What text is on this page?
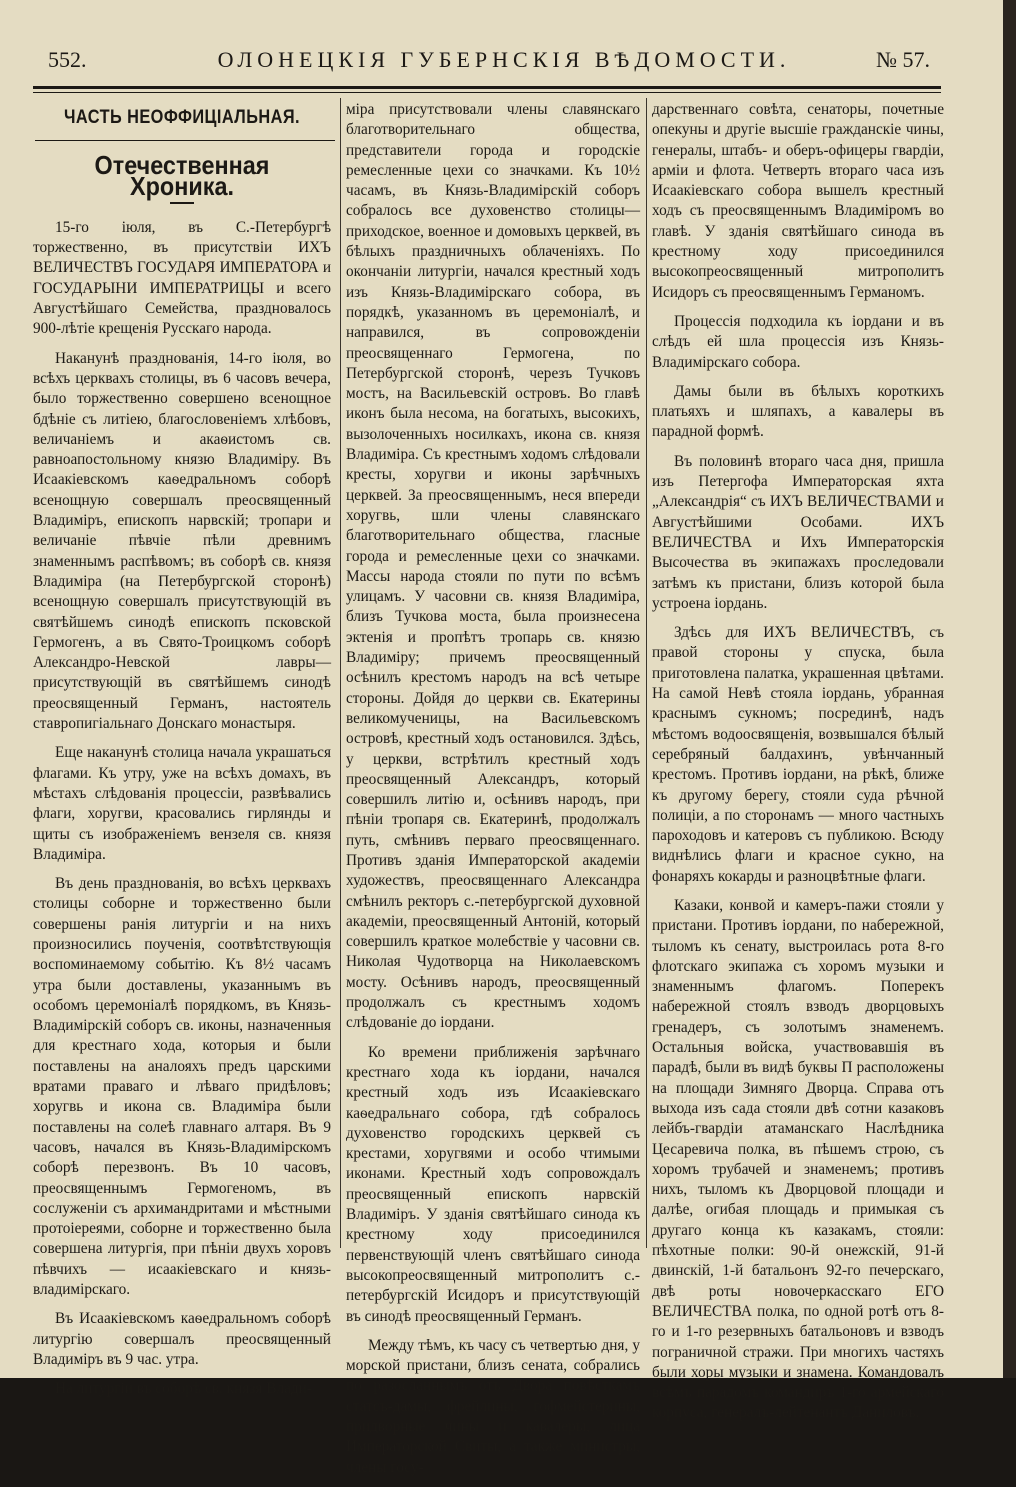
552.	ОЛОНЕЦКІЯ ГУБЕРНСКІЯ ВѢДОМОСТИ.	№ 57.
ЧАСТЬ НЕОФФИЦІАЛЬНАЯ.
Отечественная Хроника.

15-го іюля, въ С.-Петербургѣ торжественно, въ присутствіи ИХЪ ВЕЛИЧЕСТВЪ ГОСУДАРЯ ИМПЕРАТОРА и ГОСУДАРЫНИ ИМПЕРАТРИЦЫ и всего Августѣйшаго Семейства, праздновалось 900-лѣтіе крещенія Русскаго народа.

Наканунѣ празднованія, 14-го іюля, во всѣхъ церквахъ столицы, въ 6 часовъ вечера, было торжественно совершено всенощное бдѣніе съ литіею, благословеніемъ хлѣбовъ, величаніемъ и акаѳистомъ св. равноапостольному князю Владиміру. Въ Исаакіевскомъ каѳедральномъ соборѣ всенощную совершалъ преосвященный Владиміръ, епископъ нарвскій; тропари и величаніе пѣвчіе пѣли древнимъ знаменнымъ распѣвомъ; въ соборѣ св. князя Владиміра (на Петербургской сторонѣ) всенощную совершалъ присутствующій въ святѣйшемъ синодѣ епископъ псковской Гермогенъ, а въ Свято-Троицкомъ соборѣ Александро-Невской лавры—присутствующій въ святѣйшемъ синодѣ преосвященный Германъ, настоятель ставропигіальнаго Донскаго монастыря.

Еще наканунѣ столица начала украшаться флагами. Къ утру, уже на всѣхъ домахъ, въ мѣстахъ слѣдованія процессіи, развѣвались флаги, хоругви, красовались гирлянды и щиты съ изображеніемъ вензеля св. князя Владиміра.

Въ день празднованія, во всѣхъ церквахъ столицы соборне и торжественно были совершены ранія литургіи и на нихъ произносились поученія, соотвѣтствующія воспоминаемому событію. Къ 8½ часамъ утра были доставлены, указаннымъ въ особомъ церемоніалѣ порядкомъ, въ Князь-Владимірскій соборъ св. иконы, назначенныя для крестнаго хода, которыя и были поставлены на аналояхъ предъ царскими вратами праваго и лѣваго придѣловъ; хоругвь и икона св. Владиміра были поставлены на солеѣ главнаго алтаря. Въ 9 часовъ, начался въ Князь-Владимірскомъ соборѣ перезвонъ. Въ 10 часовъ, преосвященнымъ Гермогеномъ, въ сослуженіи съ архимандритами и мѣстными протоіереями, соборне и торжественно была совершена литургія, при пѣніи двухъ хоровъ пѣвчихъ — исаакіевскаго и князь-владимірскаго.

Въ Исаакіевскомъ каѳедральномъ соборѣ литургію совершалъ преосвященный Владиміръ въ 9 час. утра.

На литургіи въ соборѣ св. князя Влади-

міра присутствовали члены славянскаго благотворительнаго общества, представители города и городскіе ремесленные цехи со значками. Къ 10½ часамъ, въ Князь-Владимірскій соборъ собралось все духовенство столицы—приходское, военное и домовыхъ церквей, въ бѣлыхъ праздничныхъ облаченіяхъ. По окончаніи литургіи, начался крестный ходъ изъ Князь-Владимірскаго собора, въ порядкѣ, указанномъ въ церемоніалѣ, и направился, въ сопровожденіи преосвященнаго Гермогена, по Петербургской сторонѣ, черезъ Тучковъ мостъ, на Васильевскій островъ. Во главѣ иконъ была несома, на богатыхъ, высокихъ, вызолоченныхъ носилкахъ, икона св. князя Владиміра. Съ крестнымъ ходомъ слѣдовали кресты, хоругви и иконы зарѣчныхъ церквей. За преосвященнымъ, неся впереди хоругвь, шли члены славянскаго благотворительнаго общества, гласные города и ремесленные цехи со значками. Массы народа стояли по пути по всѣмъ улицамъ. У часовни св. князя Владиміра, близъ Тучкова моста, была произнесена эктенія и пропѣтъ тропарь св. князю Владиміру; причемъ преосвященный осѣнилъ крестомъ народъ на всѣ четыре стороны. Дойдя до церкви св. Екатерины великомученицы, на Васильевскомъ островѣ, крестный ходъ остановился. Здѣсь, у церкви, встрѣтилъ крестный ходъ преосвященный Александръ, который совершилъ литію и, осѣнивъ народъ, при пѣніи тропаря св. Екатеринѣ, продолжалъ путь, смѣнивъ перваго преосвященнаго. Противъ зданія Императорской академіи художествъ, преосвященнаго Александра смѣнилъ ректоръ с.-петербургской духовной академіи, преосвященный Антоній, который совершилъ краткое молебствіе у часовни св. Николая Чудотворца на Николаевскомъ мосту. Осѣнивъ народъ, преосвященный продолжалъ съ крестнымъ ходомъ слѣдованіе до іордани.

Ко времени приближенія зарѣчнаго крестнаго хода къ іордани, начался крестный ходъ изъ Исаакіевскаго каѳедральнаго собора, гдѣ собралось духовенство городскихъ церквей съ крестами, хоругвями и особо чтимыми иконами. Крестный ходъ сопровождалъ преосвященный епископъ нарвскій Владиміръ. У зданія святѣйшаго синода къ крестному ходу присоединился первенствующій членъ святѣйшаго синода высокопреосвященный митрополитъ с.-петербургскій Исидоръ и присутствующій въ синодѣ преосвященный Германъ.

Между тѣмъ, къ часу съ четвертью дня, у морской пристани, близъ сената, собрались по разосланнымъ отъ Двора повѣсткамъ статсъ-дамы, фрейлины, гофмейстерины, придворные чины и кавалеры, лица Императорской Свиты, а также министры, члены госу-

дарственнаго совѣта, сенаторы, почетные опекуны и другіе высшіе гражданскіе чины, генералы, штабъ- и оберъ-офицеры гвардіи, арміи и флота. Четверть втораго часа изъ Исаакіевскаго собора вышелъ крестный ходъ съ преосвященнымъ Владиміромъ во главѣ. У зданія святѣйшаго синода въ крестному ходу присоединился высокопреосвященный митрополитъ Исидоръ съ преосвященнымъ Германомъ.

Процессія подходила къ іордани и въ слѣдъ ей шла процессія изъ Князь-Владимірскаго собора.

Дамы были въ бѣлыхъ короткихъ платьяхъ и шляпахъ, а кавалеры въ парадной формѣ.

Въ половинѣ втораго часа дня, пришла изъ Петергофа Императорская яхта „Александрія“ съ ИХЪ ВЕЛИЧЕСТВАМИ и Августѣйшими Особами. ИХЪ ВЕЛИЧЕСТВА и Ихъ Императорскія Высочества въ экипажахъ проследовали затѣмъ къ пристани, близъ которой была устроена іордань.

Здѣсь для ИХЪ ВЕЛИЧЕСТВЪ, съ правой стороны у спуска, была приготовлена палатка, украшенная цвѣтами. На самой Невѣ стояла іордань, убранная краснымъ сукномъ; посрединѣ, надъ мѣстомъ водоосвященія, возвышался бѣлый серебряный балдахинъ, увѣнчанный крестомъ. Противъ іордани, на рѣкѣ, ближе къ другому берегу, стояли суда рѣчной полиціи, а по сторонамъ — много частныхъ пароходовъ и катеровъ съ публикою. Всюду виднѣлись флаги и красное сукно, на фонаряхъ кокарды и разноцвѣтные флаги.

Казаки, конвой и камеръ-пажи стояли у пристани. Противъ іордани, по набережной, тыломъ къ сенату, выстроилась рота 8-го флотскаго экипажа съ хоромъ музыки и знаменнымъ флагомъ. Поперекъ набережной стоялъ взводъ дворцовыхъ гренадеръ, съ золотымъ знаменемъ. Остальныя войска, участвовавшія въ парадѣ, были въ видѣ буквы П расположены на площади Зимняго Дворца. Справа отъ выхода изъ сада стояли двѣ сотни казаковъ лейбъ-гвардіи атаманскаго Наслѣдника Цесаревича полка, въ пѣшемъ строю, съ хоромъ трубачей и знаменемъ; противъ нихъ, тыломъ къ Дворцовой площади и далѣе, огибая площадь и примыкая съ другаго конца къ казакамъ, стояли: пѣхотные полки: 90-й онежскій, 91-й двинскій, 1-й батальонъ 92-го печерскаго, двѣ роты новочеркасскаго ЕГО ВЕЛИЧЕСТВА полка, по одной ротѣ отъ 8-го и 1-го резервныхъ батальоновъ и взводъ пограничной стражи. При многихъ частяхъ были хоры музыки и знамена. Командовалъ всѣмъ парадомъ командиръ 1-го армейскаго корпуса, генералъ-лейтенантъ Даниловъ.
